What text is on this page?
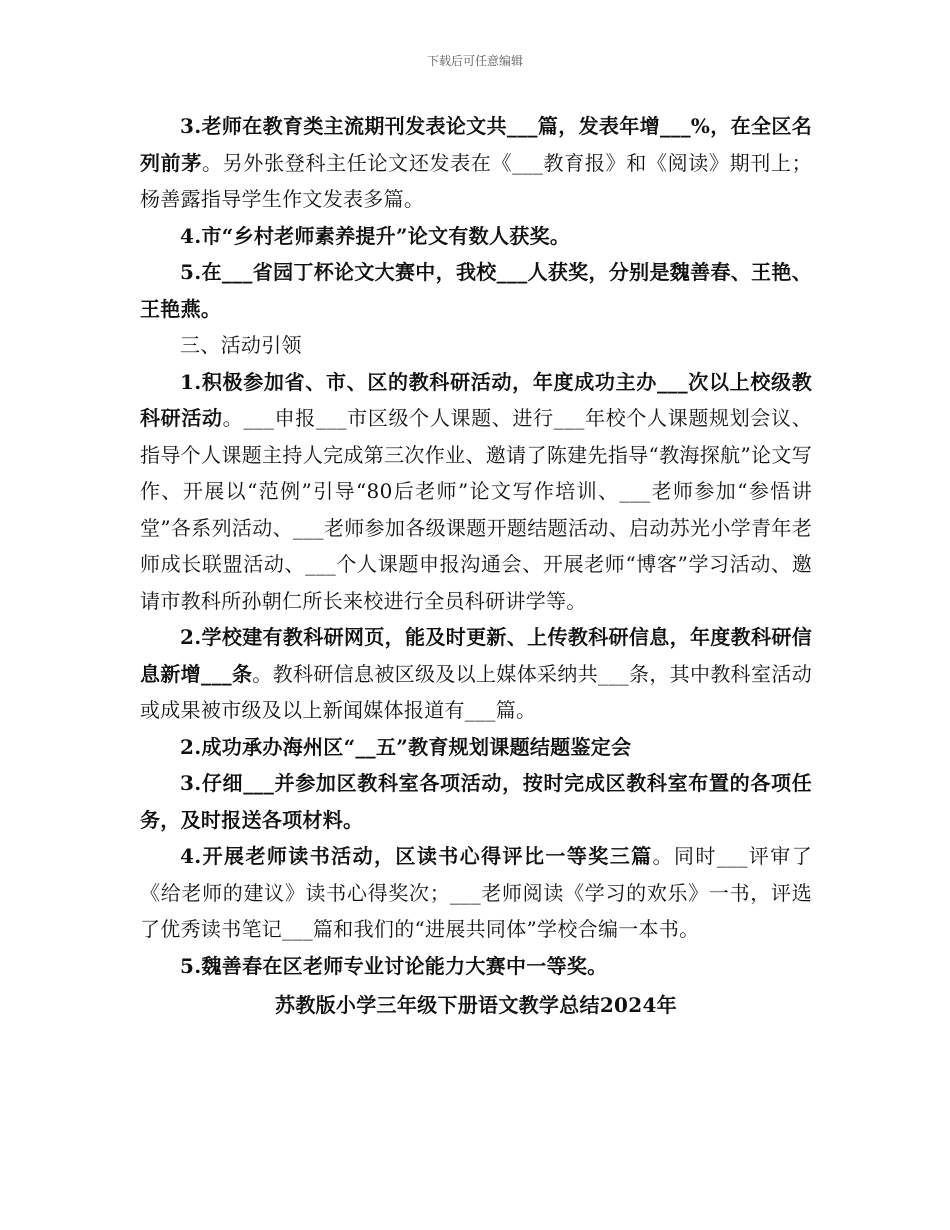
下载后可任意编辑

3.老师在教育类主流期刊发表论文共___篇，发表年增___%，在全区名列前茅。另外张登科主任论文还发表在《___教育报》和《阅读》期刊上；杨善露指导学生作文发表多篇。

4.市“乡村老师素养提升”论文有数人获奖。

5.在___省园丁杯论文大赛中，我校___人获奖，分别是魏善春、王艳、王艳燕。

三、活动引领

1.积极参加省、市、区的教科研活动，年度成功主办___次以上校级教科研活动。___申报___市区级个人课题、进行___年校个人课题规划会议、指导个人课题主持人完成第三次作业、邀请了陈建先指导“教海探航”论文写作、开展以“范例”引导“80后老师”论文写作培训、___老师参加“参悟讲堂”各系列活动、___老师参加各级课题开题结题活动、启动苏光小学青年老师成长联盟活动、___个人课题申报沟通会、开展老师“博客”学习活动、邀请市教科所孙朝仁所长来校进行全员科研讲学等。

2.学校建有教科研网页，能及时更新、上传教科研信息，年度教科研信息新增___条。教科研信息被区级及以上媒体采纳共___条，其中教科室活动或成果被市级及以上新闻媒体报道有___篇。

2.成功承办海州区“__五”教育规划课题结题鉴定会

3.仔细___并参加区教科室各项活动，按时完成区教科室布置的各项任务，及时报送各项材料。

4.开展老师读书活动，区读书心得评比一等奖三篇。同时___评审了《给老师的建议》读书心得奖次；___老师阅读《学习的欢乐》一书，评选了优秀读书笔记___篇和我们的“进展共同体”学校合编一本书。

5.魏善春在区老师专业讨论能力大赛中一等奖。

苏教版小学三年级下册语文教学总结2024年
